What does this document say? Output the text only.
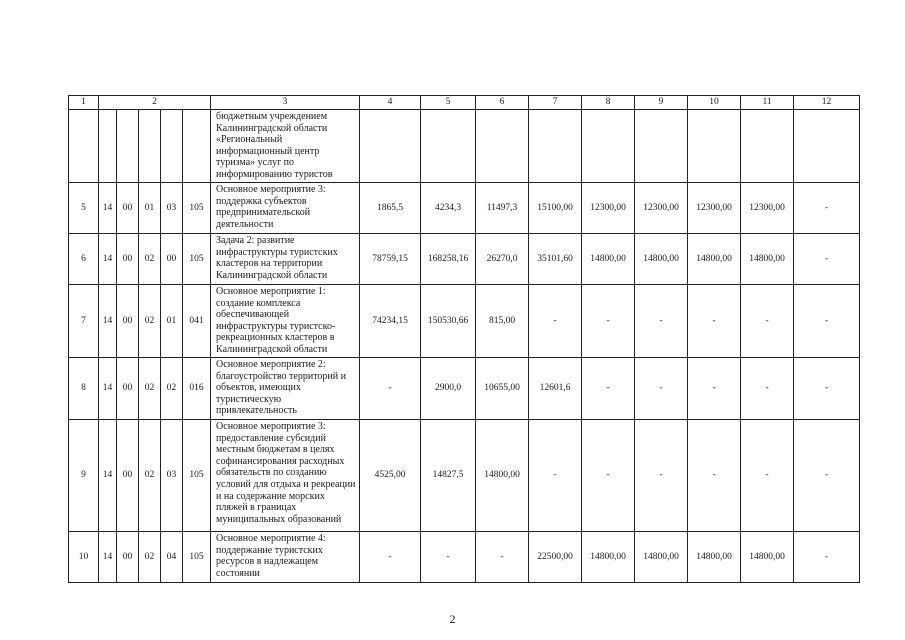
1	2					3	4	5	6	7	8	9	10	11	12
						бюджетным учреждением Калининградской области «Региональный информационный центр туризма» услуг по информированию туристов									
5	14	00	01	03	105	Основное мероприятие 3: поддержка субъектов предпринимательской деятельности	1865,5	4234,3	11497,3	15100,00	12300,00	12300,00	12300,00	12300,00	-
6	14	00	02	00	105	Задача 2: развитие инфраструктуры туристских кластеров на территории Калининградской области	78759,15	168258,16	26270,0	35101,60	14800,00	14800,00	14800,00	14800,00	-
7	14	00	02	01	041	Основное мероприятие 1: создание комплекса обеспечивающей инфраструктуры туристско-рекреационных кластеров в Калининградской области	74234,15	150530,66	815,00	-	-	-	-	-	-
8	14	00	02	02	016	Основное мероприятие 2: благоустройство территорий и объектов, имеющих туристическую привлекательность	-	2900,0	10655,00	12601,6	-	-	-	-	-
9	14	00	02	03	105	Основное мероприятие 3: предоставление субсидий местным бюджетам в целях софинансирования расходных обязательств по созданию условий для отдыха и рекреации и на содержание морских пляжей в границах муниципальных образований	4525,00	14827,5	14800,00	-	-	-	-	-	-
10	14	00	02	04	105	Основное мероприятие 4: поддержание туристских ресурсов в надлежащем состоянии	-	-	-	22500,00	14800,00	14800,00	14800,00	14800,00	-
2
